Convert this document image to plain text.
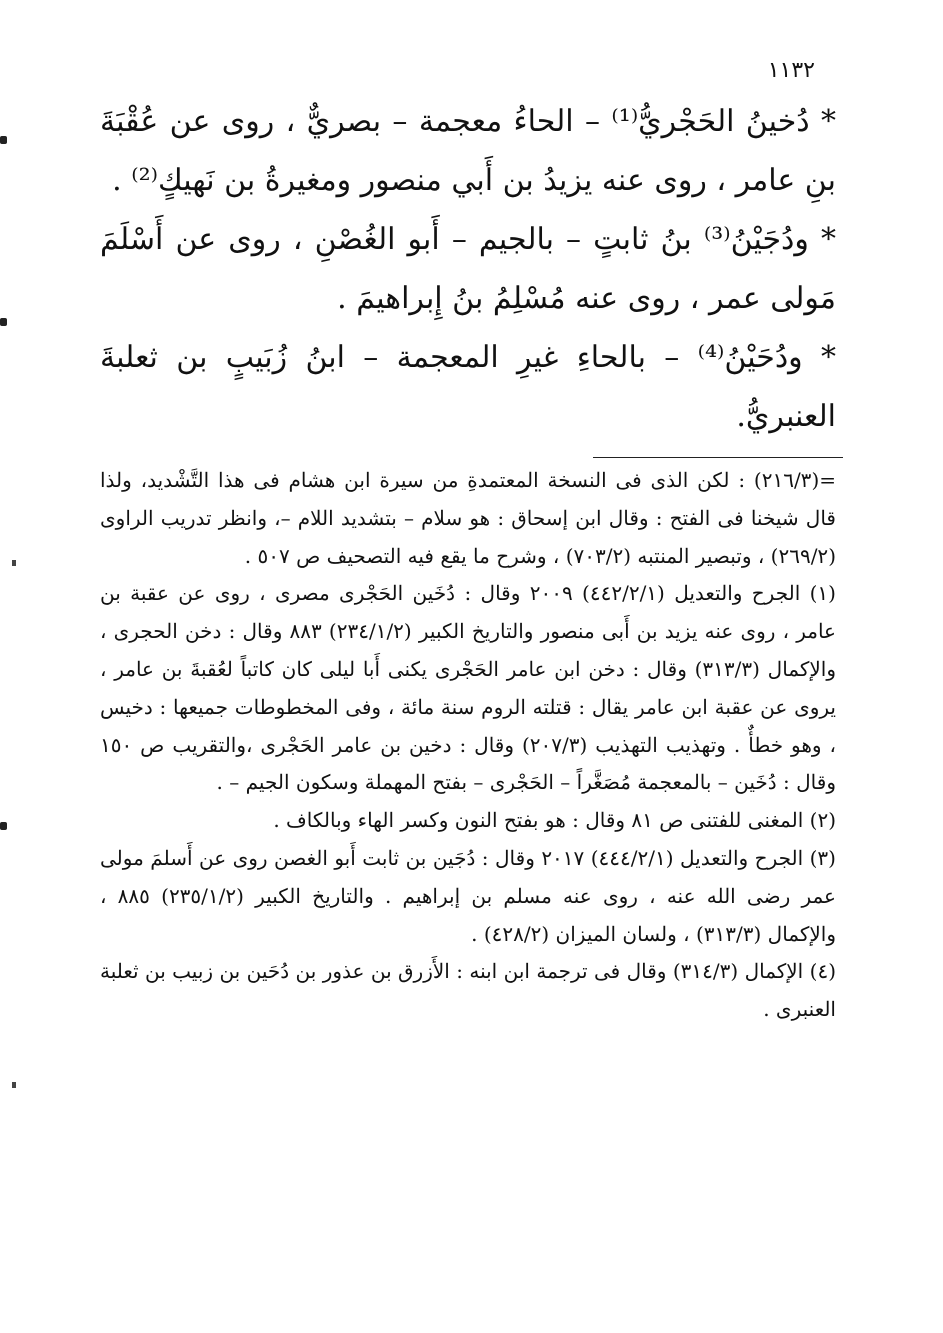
١١٣٢

* دُخينُ الحَجْريُّ⁽¹⁾ – الحاءُ معجمة – بصريٌّ ، روى عن عُقْبَةَ بنِ عامر ، روى عنه يزيدُ بن أَبي منصور ومغيرةُ بن نَهيكٍ⁽²⁾ .

* ودُجَيْنُ⁽³⁾ بنُ ثابتٍ – بالجيم – أَبو الغُصْنِ ، روى عن أَسْلَمَ مَولى عمر ، روى عنه مُسْلِمُ بنُ إِبراهيمَ .

* ودُحَيْنُ⁽⁴⁾ – بالحاءِ غيرِ المعجمة – ابنُ زُبَيبٍ بن ثعلبةَ العنبريُّ.

=(٢١٦/٣) : لكن الذى فى النسخة المعتمدةِ من سيرة ابن هشام فى هذا التَّشْديد، ولذا قال شيخنا فى الفتح : وقال ابن إسحاق : هو سلام – بتشديد اللام –، وانظر تدريب الراوى (٢٦٩/٢) ، وتبصير المنتبه (٧٠٣/٢) ، وشرح ما يقع فيه التصحيف ص ٥٠٧ .

(١) الجرح والتعديل (٤٤٢/٢/١) ٢٠٠٩ وقال : دُخَين الحَجْرى مصرى ، روى عن عقبة بن عامر ، روى عنه يزيد بن أَبى منصور والتاريخ الكبير (٢٣٤/١/٢) ٨٨٣ وقال : دخن الحجرى ، والإكمال (٣١٣/٣) وقال : دخن ابن عامر الحَجْرى يكنى أَبا ليلى كان كاتباً لعُقبةَ بن عامر ، يروى عن عقبة ابن عامر يقال : قتلته الروم سنة مائة ، وفى المخطوطات جميعها : دخيس ، وهو خطأٌ . وتهذيب التهذيب (٢٠٧/٣) وقال : دخين بن عامر الحَجْرى ،والتقريب ص ١٥٠ وقال : دُخَين – بالمعجمة مُصَغَّراً – الحَجْرى – بفتح المهملة وسكون الجيم – .

(٢) المغنى للفتنى ص ٨١ وقال : هو بفتح النون وكسر الهاء وبالكاف .

(٣) الجرح والتعديل (٤٤٤/٢/١) ٢٠١٧ وقال : دُجَين بن ثابت أَبو الغصن روى عن أَسلمَ مولى عمر رضى الله عنه ، روى عنه مسلم بن إبراهيم . والتاريخ الكبير (٢٣٥/١/٢) ٨٨٥ ، والإكمال (٣١٣/٣) ، ولسان الميزان (٤٢٨/٢) .

(٤) الإكمال (٣١٤/٣) وقال فى ترجمة ابن ابنه : الأَزرق بن عذور بن دُحَين بن زبيب بن ثعلبة العنبرى .
